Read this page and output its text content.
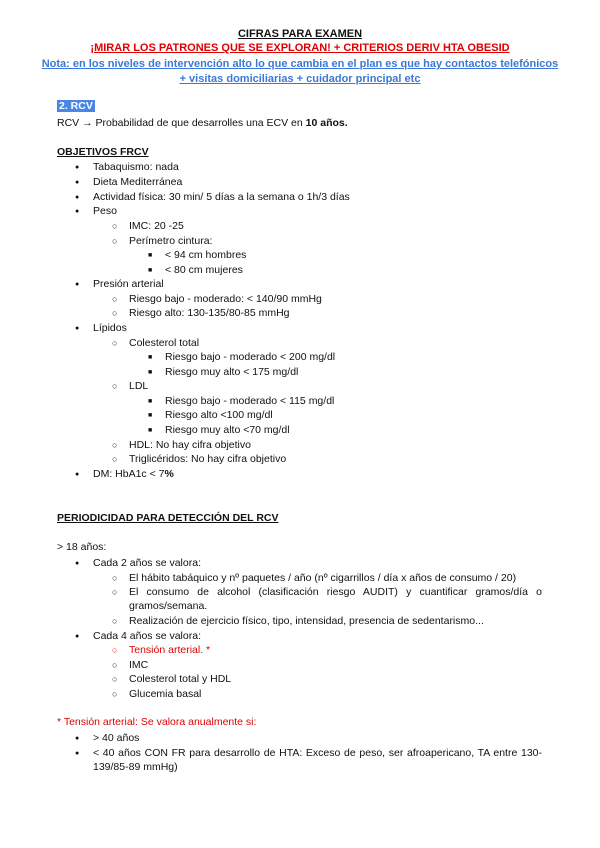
CIFRAS PARA EXAMEN
¡MIRAR LOS PATRONES QUE SE EXPLORAN! + CRITERIOS DERIV HTA OBESID
Nota: en los niveles de intervención alto lo que cambia en el plan es que hay contactos telefónicos + visitas domiciliarias + cuidador principal etc
2. RCV
RCV → Probabilidad de que desarrolles una ECV en 10 años.
OBJETIVOS FRCV
● Tabaquismo: nada
● Dieta Mediterránea
● Actividad física: 30 min/ 5 días a la semana o 1h/3 días
● Peso
○ IMC: 20 -25
○ Perímetro cintura:
■ < 94 cm hombres
■ < 80 cm mujeres
● Presión arterial
○ Riesgo bajo - moderado: < 140/90 mmHg
○ Riesgo alto: 130-135/80-85 mmHg
● Lípidos
○ Colesterol total
■ Riesgo bajo - moderado < 200 mg/dl
■ Riesgo muy alto < 175 mg/dl
○ LDL
■ Riesgo bajo - moderado < 115 mg/dl
■ Riesgo alto <100 mg/dl
■ Riesgo muy alto <70 mg/dl
○ HDL: No hay cifra objetivo
○ Triglicéridos: No hay cifra objetivo
● DM: HbA1c < 7%
PERIODICIDAD PARA DETECCIÓN DEL RCV
> 18 años:
● Cada 2 años se valora:
○ El hábito tabáquico y nº paquetes / año (nº cigarrillos / día x años de consumo / 20)
○ El consumo de alcohol (clasificación riesgo AUDIT) y cuantificar gramos/día o gramos/semana.
○ Realización de ejercicio físico, tipo, intensidad, presencia de sedentarismo...
● Cada 4 años se valora:
○ Tensión arterial. *
○ IMC
○ Colesterol total y HDL
○ Glucemia basal
* Tensión arterial: Se valora anualmente si:
● > 40 años
● < 40 años CON FR para desarrollo de HTA: Exceso de peso, ser afroapericano, TA entre 130-139/85-89 mmHg)
